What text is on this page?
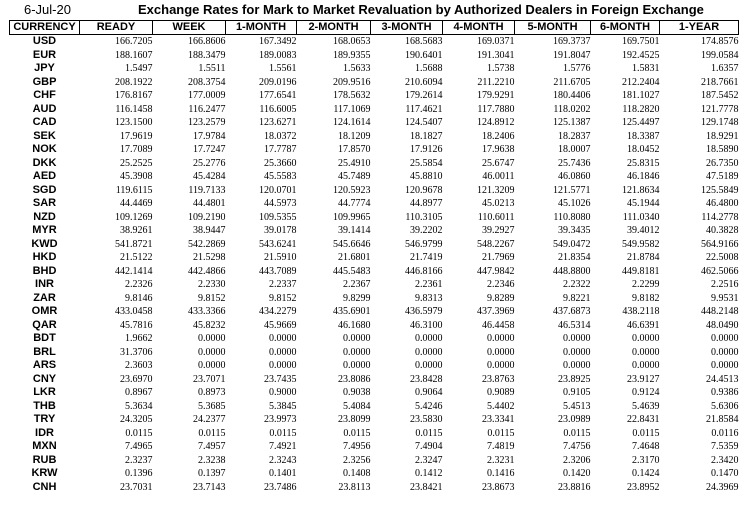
6-Jul-20	Exchange Rates for Mark to Market Revaluation by Authorized Dealers in Foreign Exchange
CURRENCY	READY	WEEK	1-MONTH	2-MONTH	3-MONTH	4-MONTH	5-MONTH	6-MONTH	1-YEAR
USD	166.7205	166.8606	167.3492	168.0653	168.5683	169.0371	169.3737	169.7501	174.8576
EUR	188.1607	188.3479	189.0083	189.9355	190.6401	191.3041	191.8047	192.4525	199.0584
JPY	1.5497	1.5511	1.5561	1.5633	1.5688	1.5738	1.5776	1.5831	1.6357
GBP	208.1922	208.3754	209.0196	209.9516	210.6094	211.2210	211.6705	212.2404	218.7661
CHF	176.8167	177.0009	177.6541	178.5632	179.2614	179.9291	180.4406	181.1027	187.5452
AUD	116.1458	116.2477	116.6005	117.1069	117.4621	117.7880	118.0202	118.2820	121.7778
CAD	123.1500	123.2579	123.6271	124.1614	124.5407	124.8912	125.1387	125.4497	129.1748
SEK	17.9619	17.9784	18.0372	18.1209	18.1827	18.2406	18.2837	18.3387	18.9291
NOK	17.7089	17.7247	17.7787	17.8570	17.9126	17.9638	18.0007	18.0452	18.5890
DKK	25.2525	25.2776	25.3660	25.4910	25.5854	25.6747	25.7436	25.8315	26.7350
AED	45.3908	45.4284	45.5583	45.7489	45.8810	46.0011	46.0860	46.1846	47.5189
SGD	119.6115	119.7133	120.0701	120.5923	120.9678	121.3209	121.5771	121.8634	125.5849
SAR	44.4469	44.4801	44.5973	44.7774	44.8977	45.0213	45.1026	45.1944	46.4800
NZD	109.1269	109.2190	109.5355	109.9965	110.3105	110.6011	110.8080	111.0340	114.2778
MYR	38.9261	38.9447	39.0178	39.1414	39.2202	39.2927	39.3435	39.4012	40.3828
KWD	541.8721	542.2869	543.6241	545.6646	546.9799	548.2267	549.0472	549.9582	564.9166
HKD	21.5122	21.5298	21.5910	21.6801	21.7419	21.7969	21.8354	21.8784	22.5008
BHD	442.1414	442.4866	443.7089	445.5483	446.8166	447.9842	448.8800	449.8181	462.5066
INR	2.2326	2.2330	2.2337	2.2367	2.2361	2.2346	2.2322	2.2299	2.2516
ZAR	9.8146	9.8152	9.8152	9.8299	9.8313	9.8289	9.8221	9.8182	9.9531
OMR	433.0458	433.3366	434.2279	435.6901	436.5979	437.3969	437.6873	438.2118	448.2148
QAR	45.7816	45.8232	45.9669	46.1680	46.3100	46.4458	46.5314	46.6391	48.0490
BDT	1.9662	0.0000	0.0000	0.0000	0.0000	0.0000	0.0000	0.0000	0.0000
BRL	31.3706	0.0000	0.0000	0.0000	0.0000	0.0000	0.0000	0.0000	0.0000
ARS	2.3603	0.0000	0.0000	0.0000	0.0000	0.0000	0.0000	0.0000	0.0000
CNY	23.6970	23.7071	23.7435	23.8086	23.8428	23.8763	23.8925	23.9127	24.4513
LKR	0.8967	0.8973	0.9000	0.9038	0.9064	0.9089	0.9105	0.9124	0.9386
THB	5.3634	5.3685	5.3845	5.4084	5.4246	5.4402	5.4513	5.4639	5.6306
TRY	24.3205	24.2377	23.9973	23.8099	23.5830	23.3341	23.0989	22.8431	21.8584
IDR	0.0115	0.0115	0.0115	0.0115	0.0115	0.0115	0.0115	0.0115	0.0116
MXN	7.4965	7.4957	7.4921	7.4956	7.4904	7.4819	7.4756	7.4648	7.5359
RUB	2.3237	2.3238	2.3243	2.3256	2.3247	2.3231	2.3206	2.3170	2.3420
KRW	0.1396	0.1397	0.1401	0.1408	0.1412	0.1416	0.1420	0.1424	0.1470
CNH	23.7031	23.7143	23.7486	23.8113	23.8421	23.8673	23.8816	23.8952	24.3969
